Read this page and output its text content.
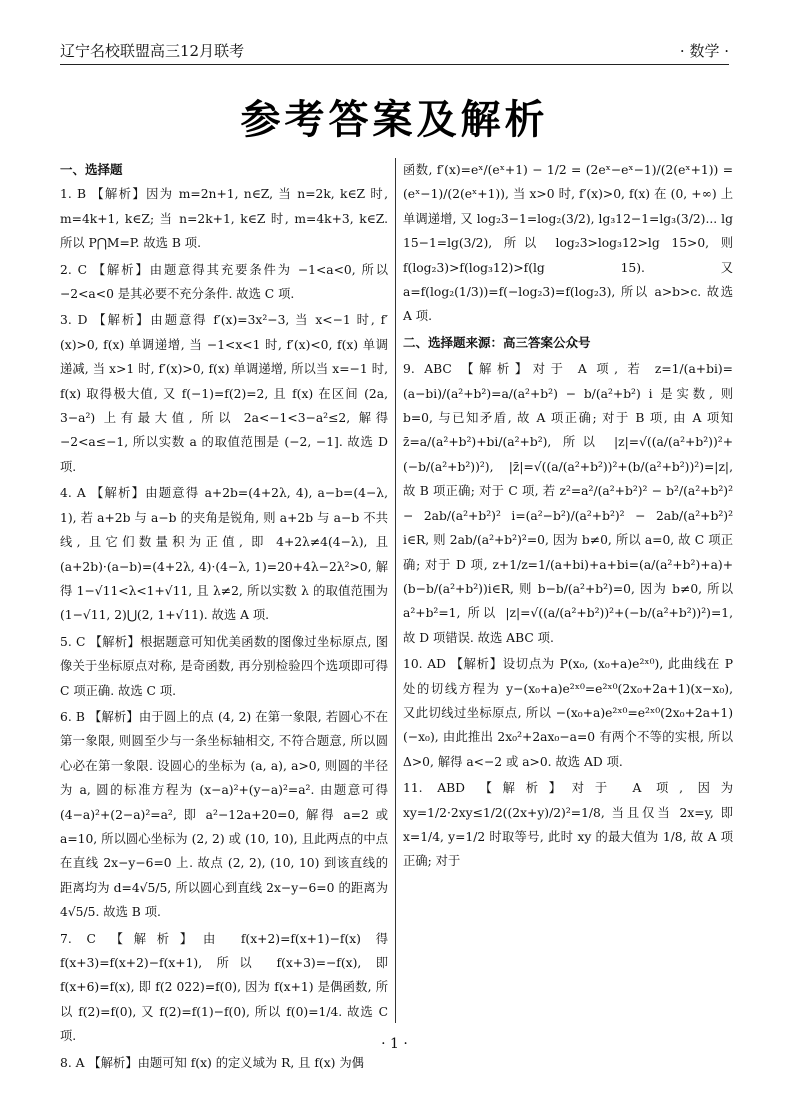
辽宁名校联盟高三12月联考	· 数学 ·
参考答案及解析

一、选择题

1. B 【解析】因为 m=2n+1, n∈Z, 当 n=2k, k∈Z 时, m=4k+1, k∈Z; 当 n=2k+1, k∈Z 时, m=4k+3, k∈Z. 所以 P⋂M=P. 故选 B 项.

2. C 【解析】由题意得其充要条件为 −1<a<0, 所以 −2<a<0 是其必要不充分条件. 故选 C 项.

3. D 【解析】由题意得 f′(x)=3x²−3, 当 x<−1 时, f′(x)>0, f(x) 单调递增, 当 −1<x<1 时, f′(x)<0, f(x) 单调递减, 当 x>1 时, f′(x)>0, f(x) 单调递增, 所以当 x=−1 时, f(x) 取得极大值, 又 f(−1)=f(2)=2, 且 f(x) 在区间 (2a, 3−a²) 上有最大值, 所以 2a<−1<3−a²≤2, 解得 −2<a≤−1, 所以实数 a 的取值范围是 (−2, −1]. 故选 D 项.

4. A 【解析】由题意得 a+2b=(4+2λ, 4), a−b=(4−λ, 1), 若 a+2b 与 a−b 的夹角是锐角, 则 a+2b 与 a−b 不共线, 且它们数量积为正值, 即 4+2λ≠4(4−λ), 且 (a+2b)·(a−b)=(4+2λ, 4)·(4−λ, 1)=20+4λ−2λ²>0, 解得 1−√11<λ<1+√11, 且 λ≠2, 所以实数 λ 的取值范围为 (1−√11, 2)⋃(2, 1+√11). 故选 A 项.

5. C 【解析】根据题意可知优美函数的图像过坐标原点, 图像关于坐标原点对称, 是奇函数, 再分别检验四个选项即可得 C 项正确. 故选 C 项.

6. B 【解析】由于圆上的点 (4, 2) 在第一象限, 若圆心不在第一象限, 则圆至少与一条坐标轴相交, 不符合题意, 所以圆心必在第一象限. 设圆心的坐标为 (a, a), a>0, 则圆的半径为 a, 圆的标准方程为 (x−a)²+(y−a)²=a². 由题意可得 (4−a)²+(2−a)²=a², 即 a²−12a+20=0, 解得 a=2 或 a=10, 所以圆心坐标为 (2, 2) 或 (10, 10), 且此两点的中点在直线 2x−y−6=0 上. 故点 (2, 2), (10, 10) 到该直线的距离均为 d=4√5/5, 所以圆心到直线 2x−y−6=0 的距离为 4√5/5. 故选 B 项.

7. C 【解析】由 f(x+2)=f(x+1)−f(x) 得 f(x+3)=f(x+2)−f(x+1), 所以 f(x+3)=−f(x), 即 f(x+6)=f(x), 即 f(2 022)=f(0), 因为 f(x+1) 是偶函数, 所以 f(2)=f(0), 又 f(2)=f(1)−f(0), 所以 f(0)=1/4. 故选 C 项.

8. A 【解析】由题可知 f(x) 的定义域为 R, 且 f(x) 为偶

函数, f′(x)=eˣ/(eˣ+1) − 1/2 = (2eˣ−eˣ−1)/(2(eˣ+1)) = (eˣ−1)/(2(eˣ+1)), 当 x>0 时, f′(x)>0, f(x) 在 (0, +∞) 上单调递增, 又 log₂3−1=log₂(3/2), lg₃12−1=lg₃(3/2)... lg 15−1=lg(3/2), 所以 log₂3>log₃12>lg 15>0, 则 f(log₂3)>f(log₃12)>f(lg 15). 又 a=f(log₂(1/3))=f(−log₂3)=f(log₂3), 所以 a>b>c. 故选 A 项.

二、选择题来源：高三答案公众号

9. ABC 【解析】对于 A 项, 若 z=1/(a+bi)=(a−bi)/(a²+b²)=a/(a²+b²) − b/(a²+b²) i 是实数, 则 b=0, 与已知矛盾, 故 A 项正确; 对于 B 项, 由 A 项知 z̄=a/(a²+b²)+bi/(a²+b²), 所以 |z|=√((a/(a²+b²))²+(−b/(a²+b²))²), |z̄|=√((a/(a²+b²))²+(b/(a²+b²))²)=|z|, 故 B 项正确; 对于 C 项, 若 z²=a²/(a²+b²)² − b²/(a²+b²)² − 2ab/(a²+b²)² i=(a²−b²)/(a²+b²)² − 2ab/(a²+b²)² i∈R, 则 2ab/(a²+b²)²=0, 因为 b≠0, 所以 a=0, 故 C 项正确; 对于 D 项, z+1/z=1/(a+bi)+a+bi=(a/(a²+b²)+a)+(b−b/(a²+b²))i∈R, 则 b−b/(a²+b²)=0, 因为 b≠0, 所以 a²+b²=1, 所以 |z|=√((a/(a²+b²))²+(−b/(a²+b²))²)=1, 故 D 项错误. 故选 ABC 项.

10. AD 【解析】设切点为 P(x₀, (x₀+a)e²ˣ⁰), 此曲线在 P 处的切线方程为 y−(x₀+a)e²ˣ⁰=e²ˣ⁰(2x₀+2a+1)(x−x₀), 又此切线过坐标原点, 所以 −(x₀+a)e²ˣ⁰=e²ˣ⁰(2x₀+2a+1)(−x₀), 由此推出 2x₀²+2ax₀−a=0 有两个不等的实根, 所以 Δ>0, 解得 a<−2 或 a>0. 故选 AD 项.

11. ABD 【解析】对于 A 项, 因为 xy=1/2·2xy≤1/2((2x+y)/2)²=1/8, 当且仅当 2x=y, 即 x=1/4, y=1/2 时取等号, 此时 xy 的最大值为 1/8, 故 A 项正确; 对于

· 1 ·
